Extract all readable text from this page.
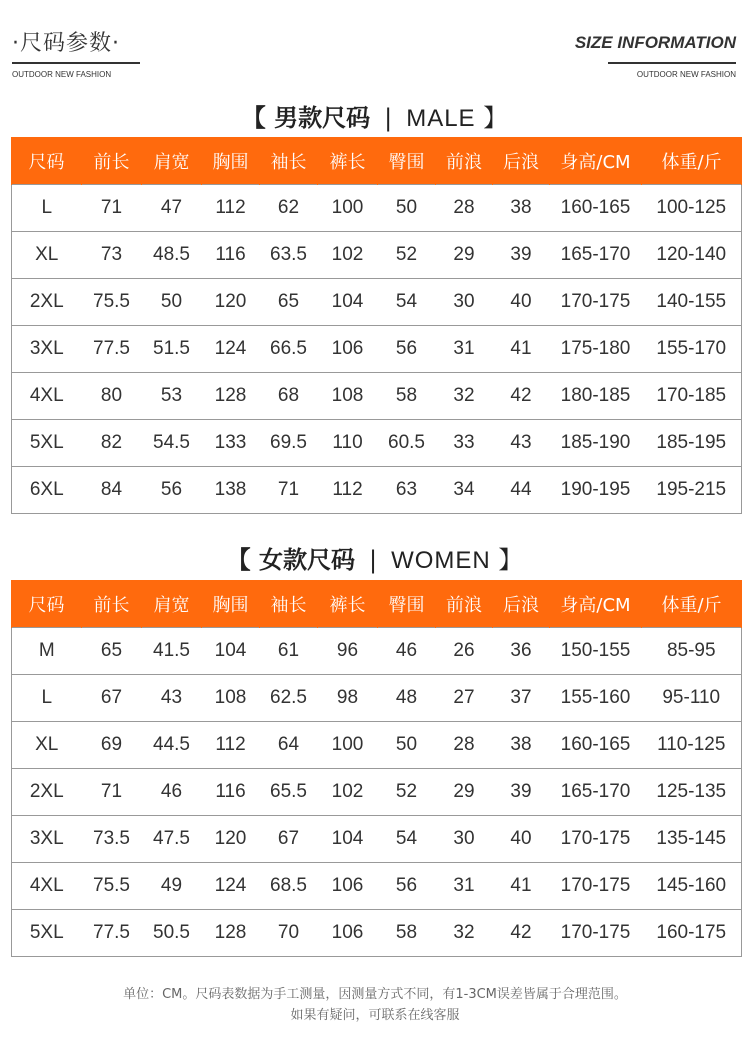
·尺码参数·	SIZE INFORMATION
OUTDOOR NEW FASHION	OUTDOOR NEW FASHION
【 男款尺码 | MALE 】
尺码	前长	肩宽	胸围	袖长	裤长	臀围	前浪	后浪	身高/CM	体重/斤
L	71	47	112	62	100	50	28	38	160-165	100-125
XL	73	48.5	116	63.5	102	52	29	39	165-170	120-140
2XL	75.5	50	120	65	104	54	30	40	170-175	140-155
3XL	77.5	51.5	124	66.5	106	56	31	41	175-180	155-170
4XL	80	53	128	68	108	58	32	42	180-185	170-185
5XL	82	54.5	133	69.5	110	60.5	33	43	185-190	185-195
6XL	84	56	138	71	112	63	34	44	190-195	195-215
【 女款尺码 | WOMEN 】
尺码	前长	肩宽	胸围	袖长	裤长	臀围	前浪	后浪	身高/CM	体重/斤
M	65	41.5	104	61	96	46	26	36	150-155	85-95
L	67	43	108	62.5	98	48	27	37	155-160	95-110
XL	69	44.5	112	64	100	50	28	38	160-165	110-125
2XL	71	46	116	65.5	102	52	29	39	165-170	125-135
3XL	73.5	47.5	120	67	104	54	30	40	170-175	135-145
4XL	75.5	49	124	68.5	106	56	31	41	170-175	145-160
5XL	77.5	50.5	128	70	106	58	32	42	170-175	160-175
单位：CM。尺码表数据为手工测量，因测量方式不同，有1-3CM误差皆属于合理范围。
如果有疑问，可联系在线客服
